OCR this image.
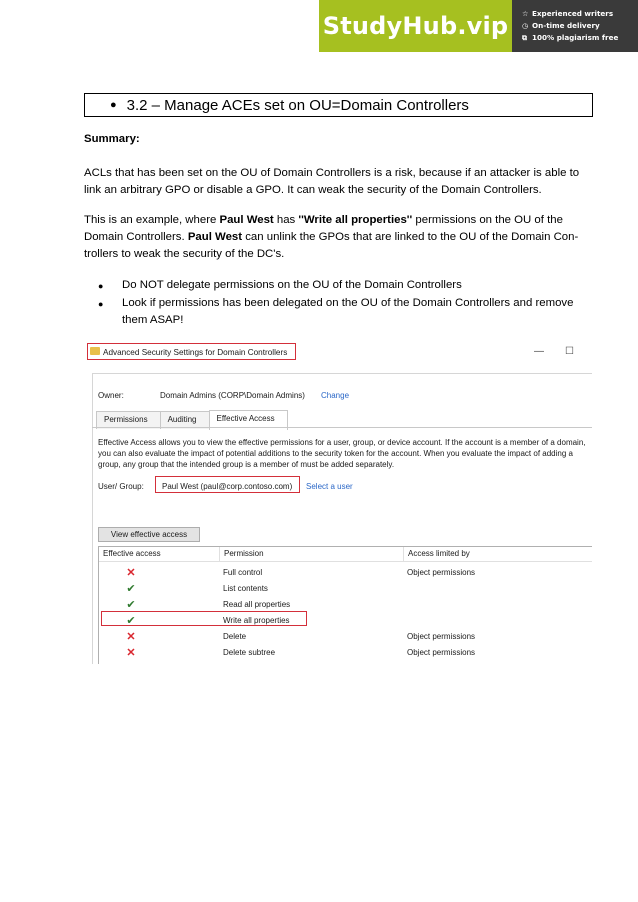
StudyHub.vip	☆ Experienced writers
◷ On-time delivery
⧉ 100% plagiarism free
● 3.2 – Manage ACEs set on OU=Domain Controllers
Summary:
ACLs that has been set on the OU of Domain Controllers is a risk, because if an attacker is able to link an arbitrary GPO or disable a GPO. It can weak the security of the Domain Controllers.
This is an example, where Paul West has ''Write all properties'' permissions on the OU of the Domain Controllers. Paul West can unlink the GPOs that are linked to the OU of the Domain Con-trollers to weak the security of the DC's.
●	Do NOT delegate permissions on the OU of the Domain Controllers
●	Look if permissions has been delegated on the OU of the Domain Controllers and remove them ASAP!
Advanced Security Settings for Domain Controllers	— ☐
Owner:	Domain Admins (CORP\Domain Admins) Change
Permissions	Auditing	Effective Access
Effective Access allows you to view the effective permissions for a user, group, or device account. If the account is a member of a domain, you can also evaluate the impact of potential additions to the security token for the account. When you evaluate the impact of adding a group, any group that the intended group is a member of must be added separately.
User/ Group: Paul West (paul@corp.contoso.com) Select a user
View effective access
Effective access	Permission	Access limited by
✕	Full control	Object permissions
✔	List contents
✔	Read all properties
✔	Write all properties
✕	Delete	Object permissions
✕	Delete subtree	Object permissions
